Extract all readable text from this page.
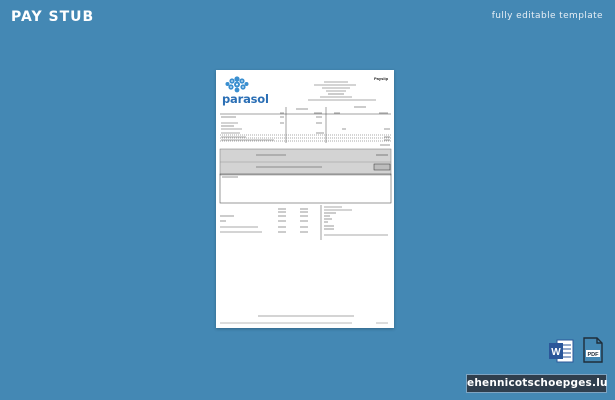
PAY STUB	fully editable template
parasol
Payslip
W	PDF
ehennicotschoepges.lu
